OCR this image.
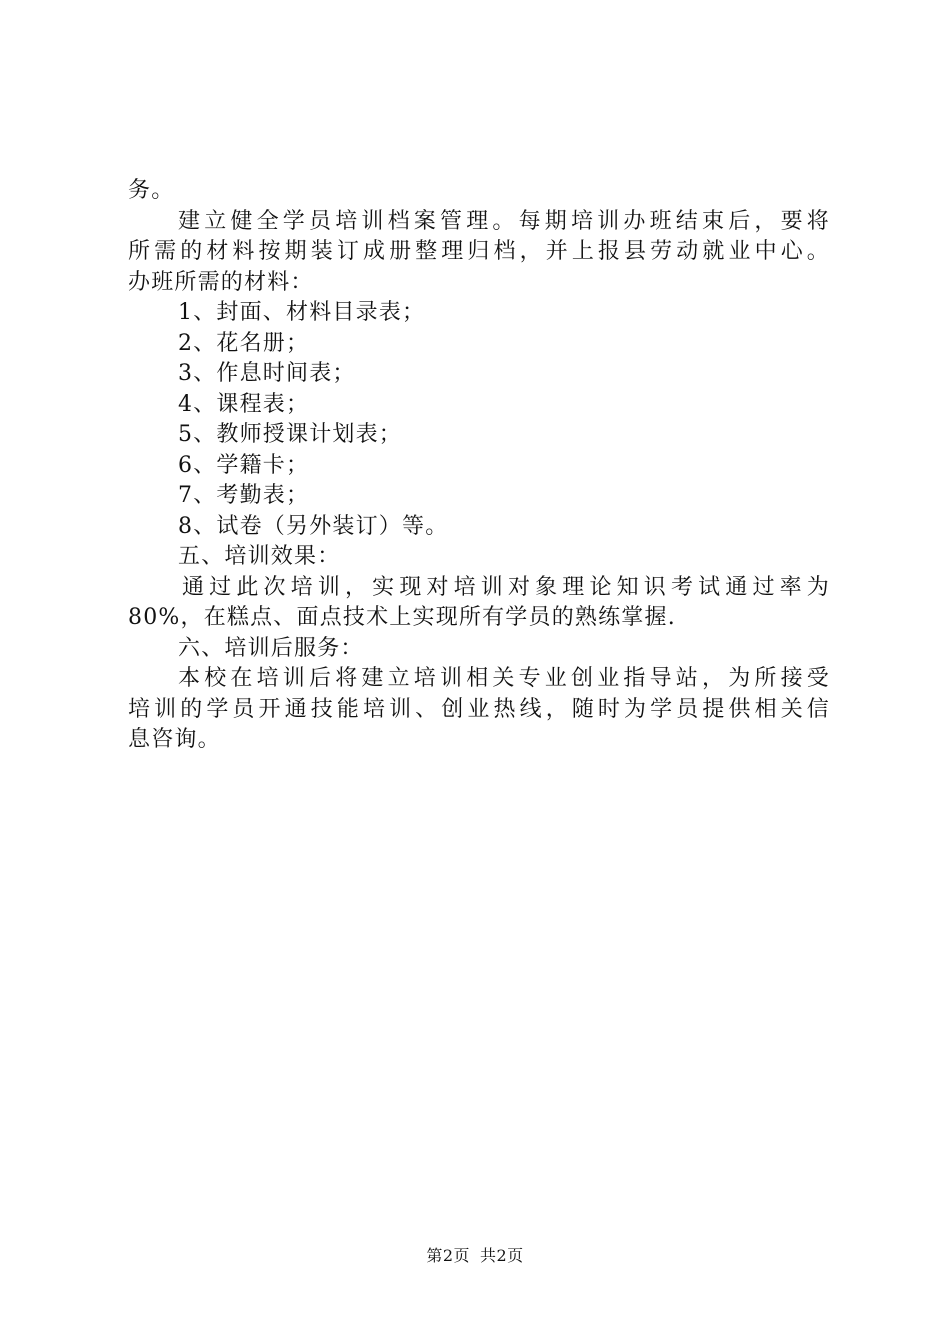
务。
建立健全学员培训档案管理。每期培训办班结束后，要将
所需的材料按期装订成册整理归档，并上报县劳动就业中心。
办班所需的材料：
1、封面、材料目录表；
2、花名册；
3、作息时间表；
4、课程表；
5、教师授课计划表；
6、学籍卡；
7、考勤表；
8、试卷（另外装订）等。
五、培训效果：
通过此次培训，实现对培训对象理论知识考试通过率为
80%，在糕点、面点技术上实现所有学员的熟练掌握.
六、培训后服务：
本校在培训后将建立培训相关专业创业指导站，为所接受
培训的学员开通技能培训、创业热线，随时为学员提供相关信
息咨询。
第2页 共2页
